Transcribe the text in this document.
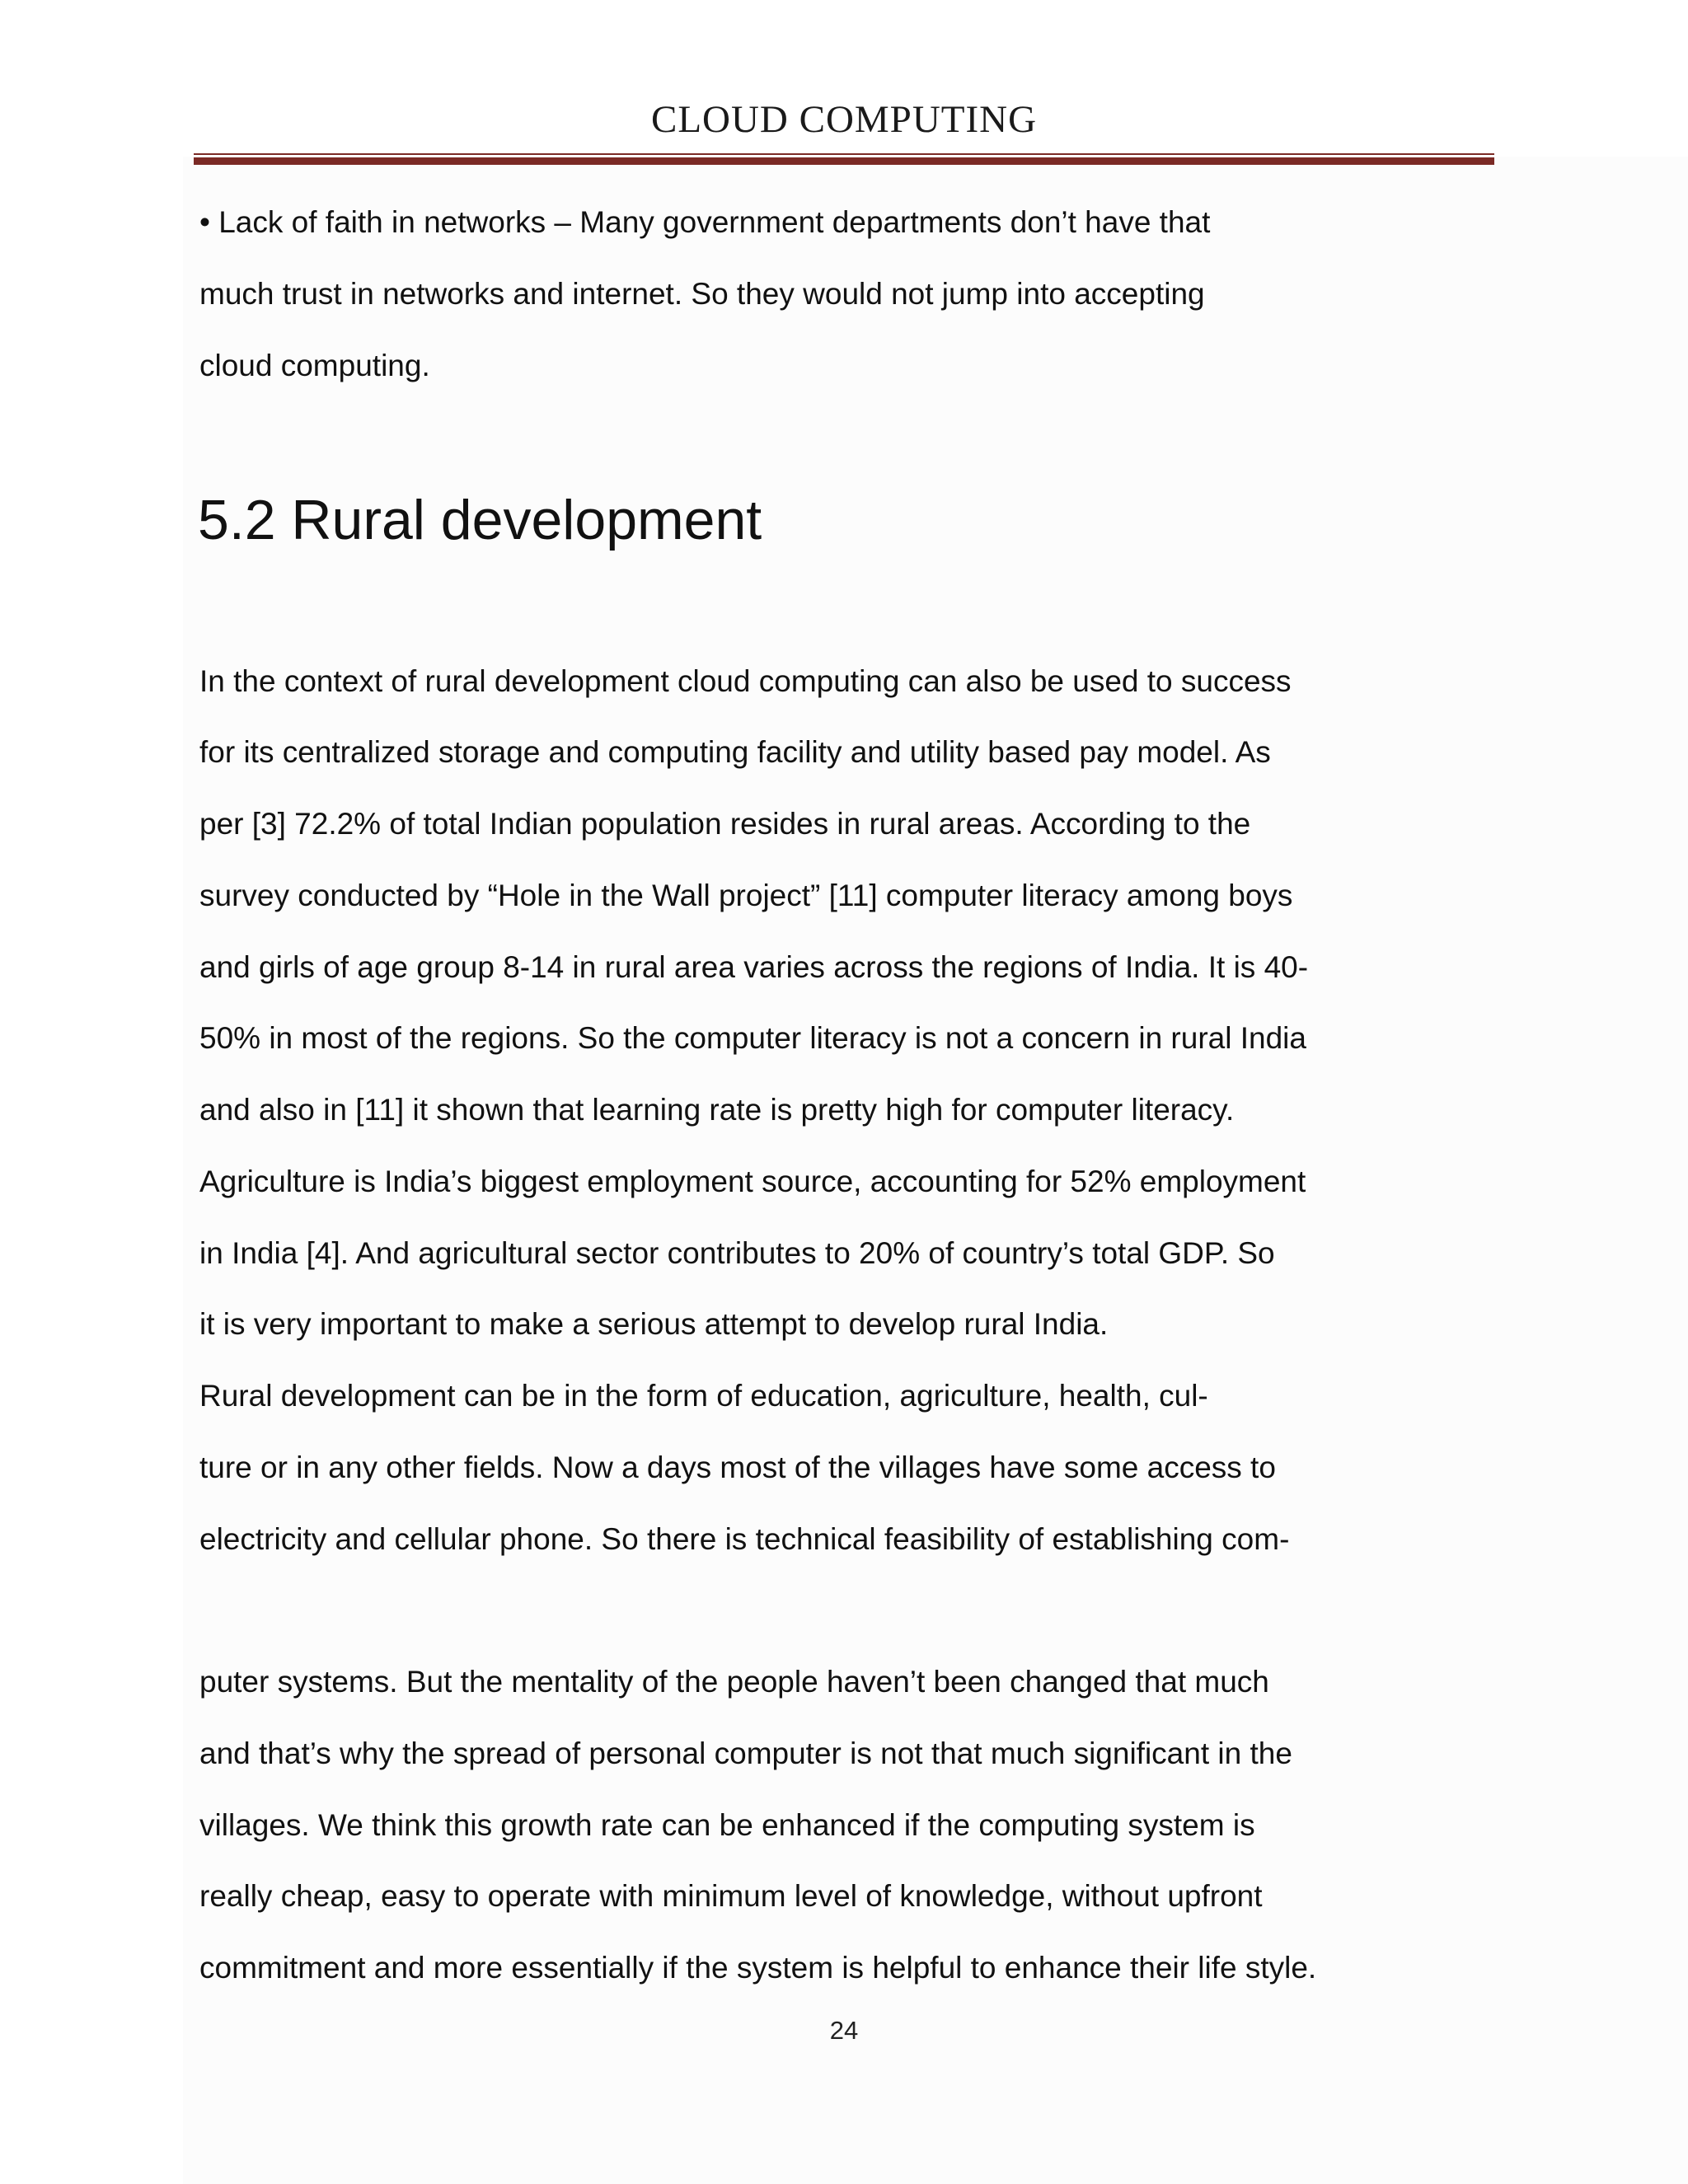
CLOUD COMPUTING
• Lack of faith in networks – Many government departments don’t have that
much trust in networks and internet. So they would not jump into accepting
cloud computing.
5.2 Rural development
In the context of rural development cloud computing can also be used to success
for its centralized storage and computing facility and utility based pay model. As
per [3] 72.2% of total Indian population resides in rural areas. According to the
survey conducted by “Hole in the Wall project” [11] computer literacy among boys
and girls of age group 8-14 in rural area varies across the regions of India. It is 40-
50% in most of the regions. So the computer literacy is not a concern in rural India
and also in [11] it shown that learning rate is pretty high for computer literacy.
Agriculture is India’s biggest employment source, accounting for 52% employment
in India [4]. And agricultural sector contributes to 20% of country’s total GDP. So
it is very important to make a serious attempt to develop rural India.
Rural development can be in the form of education, agriculture, health, cul-
ture or in any other fields. Now a days most of the villages have some access to
electricity and cellular phone. So there is technical feasibility of establishing com-
puter systems. But the mentality of the people haven’t been changed that much
and that’s why the spread of personal computer is not that much significant in the
villages. We think this growth rate can be enhanced if the computing system is
really cheap, easy to operate with minimum level of knowledge, without upfront
commitment and more essentially if the system is helpful to enhance their life style.
24
